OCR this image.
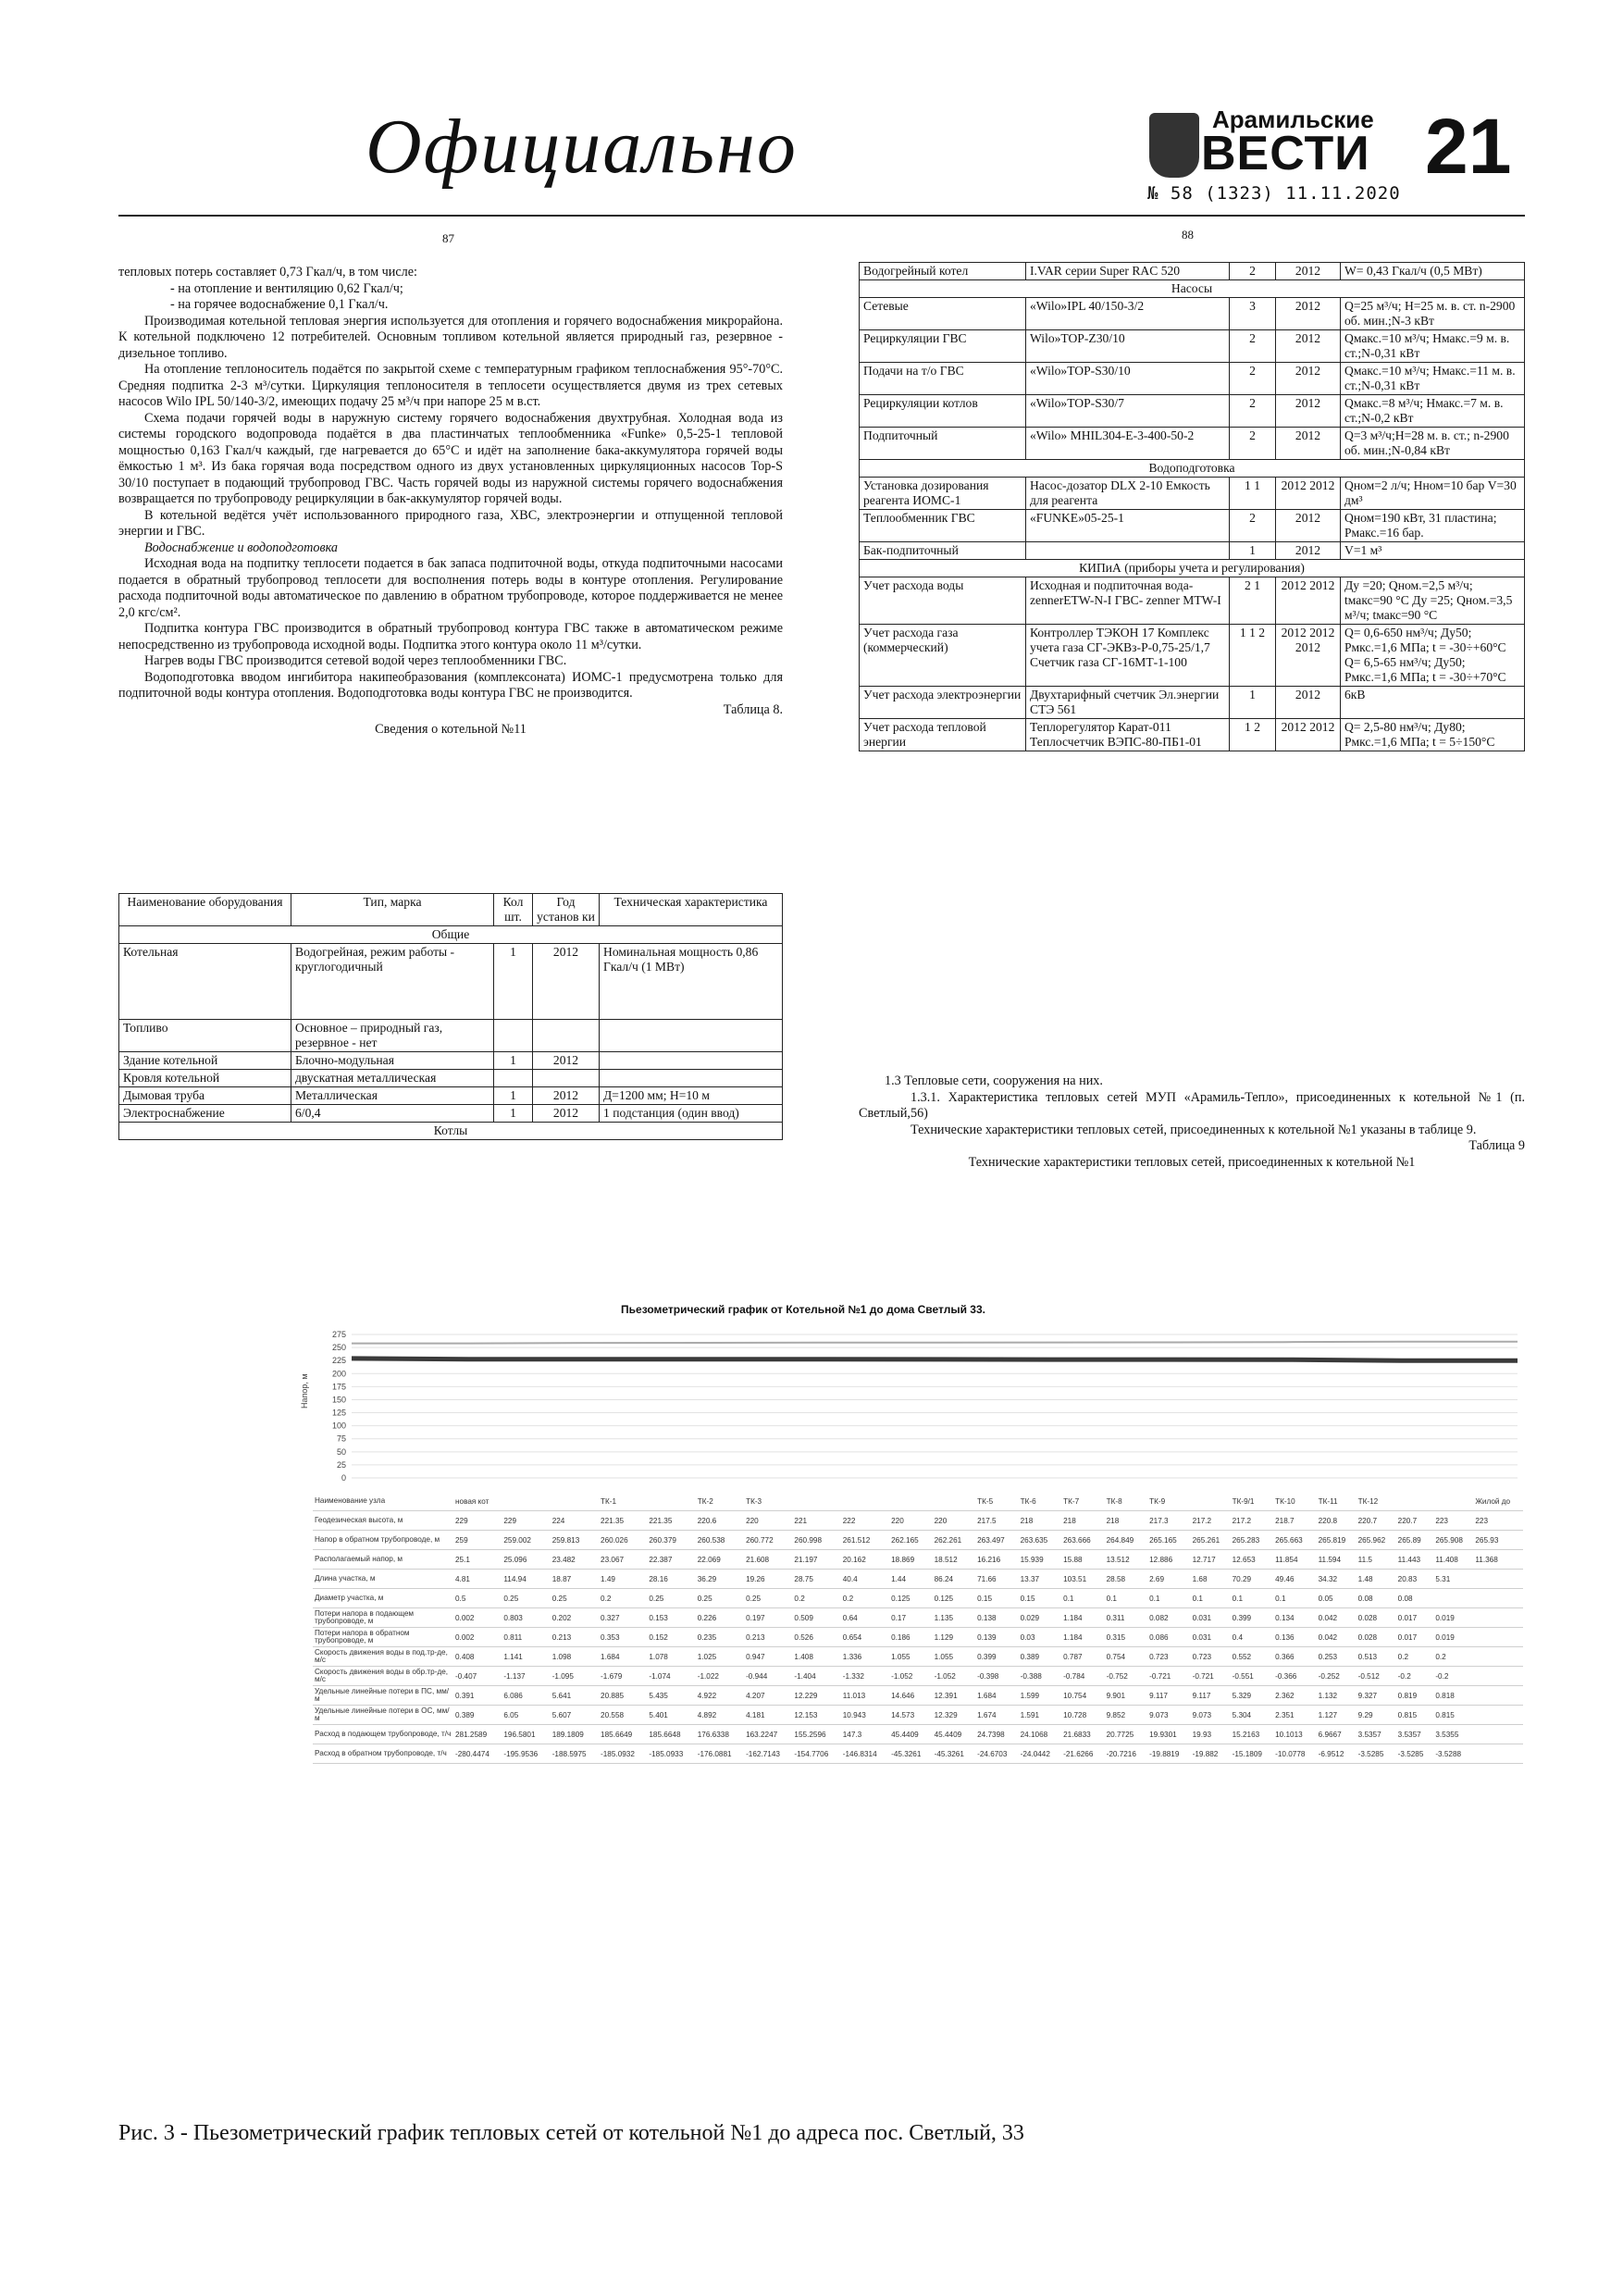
Официально	Арамильские
ВЕСТИ 21
№ 58 (1323) 11.11.2020
87

тепловых потерь составляет 0,73 Гкал/ч, в том числе:

- на отопление и вентиляцию 0,62 Гкал/ч;

- на горячее водоснабжение 0,1 Гкал/ч.

Производимая котельной тепловая энергия используется для отопления и горячего водоснабжения микрорайона. К котельной подключено 12 потребителей. Основным топливом котельной является природный газ, резервное - дизельное топливо.

На отопление теплоноситель подаётся по закрытой схеме с температурным графиком теплоснабжения 95°-70°С. Средняя подпитка 2-3 м³/сутки. Циркуляция теплоносителя в теплосети осуществляется двумя из трех сетевых насосов Wilo IPL 50/140-3/2, имеющих подачу 25 м³/ч при напоре 25 м в.ст.

Схема подачи горячей воды в наружную систему горячего водоснабжения двухтрубная. Холодная вода из системы городского водопровода подаётся в два пластинчатых теплообменника «Funke» 0,5-25-1 тепловой мощностью 0,163 Гкал/ч каждый, где нагревается до 65°С и идёт на заполнение бака-аккумулятора горячей воды ёмкостью 1 м³. Из бака горячая вода посредством одного из двух установленных циркуляционных насосов Top-S 30/10 поступает в подающий трубопровод ГВС. Часть горячей воды из наружной системы горячего водоснабжения возвращается по трубопроводу рециркуляции в бак-аккумулятор горячей воды.

В котельной ведётся учёт использованного природного газа, ХВС, электроэнергии и отпущенной тепловой энергии и ГВС.

Водоснабжение и водоподготовка

Исходная вода на подпитку теплосети подается в бак запаса подпиточной воды, откуда подпиточными насосами подается в обратный трубопровод теплосети для восполнения потерь воды в контуре отопления. Регулирование расхода подпиточной воды автоматическое по давлению в обратном трубопроводе, которое поддерживается не менее 2,0 кгс/см².

Подпитка контура ГВС производится в обратный трубопровод контура ГВС также в автоматическом режиме непосредственно из трубопровода исходной воды. Подпитка этого контура около 11 м³/сутки.

Нагрев воды ГВС производится сетевой водой через теплообменники ГВС.

Водоподготовка вводом ингибитора накипеобразования (комплексоната) ИОМС-1 предусмотрена только для подпиточной воды контура отопления. Водоподготовка воды контура ГВС не производится.

Таблица 8.

Сведения о котельной №11

Наименование оборудования	Тип, марка	Кол шт.	Год установ ки	Техническая характеристика
Общие				
Котельная	Водогрейная, режим работы - круглогодичный	1	2012	Номинальная мощность 0,86 Гкал/ч (1 МВт)
Топливо	Основное – природный газ, резервное - нет			
Здание котельной	Блочно-модульная	1	2012	
Кровля котельной	двускатная металлическая			
Дымовая труба	Металлическая	1	2012	Д=1200 мм; Н=10 м
Электроснабжение	6/0,4	1	2012	1 подстанция (один ввод)
Котлы				
88
Водогрейный котел	I.VAR серии Super RAC 520	2	2012	W= 0,43 Гкал/ч (0,5 МВт)
Насосы				
Сетевые	«Wilo»IPL 40/150-3/2	3	2012	Q=25 м³/ч; Н=25 м. в. ст. n-2900 об. мин.;N-3 кВт
Рециркуляции ГВС	Wilo»TOP-Z30/10	2	2012	Qмакс.=10 м³/ч; Нмакс.=9 м. в. ст.;N-0,31 кВт
Подачи на т/о ГВС	«Wilo»TOP-S30/10	2	2012	Qмакс.=10 м³/ч; Нмакс.=11 м. в. ст.;N-0,31 кВт
Рециркуляции котлов	«Wilo»TOP-S30/7	2	2012	Qмакс.=8 м³/ч; Нмакс.=7 м. в. ст.;N-0,2 кВт
Подпиточный	«Wilo» MHIL304-E-3-400-50-2	2	2012	Q=3 м³/ч;Н=28 м. в. ст.; n-2900 об. мин.;N-0,84 кВт
Водоподготовка				
Установка дозирования реагента ИОМС-1	Насос-дозатор DLX 2-10 Емкость для реагента	1 1	2012 2012	Qном=2 л/ч; Нном=10 бар V=30 дм³
Теплообменник ГВС	«FUNKE»05-25-1	2	2012	Qном=190 кВт, 31 пластина; Рмакс.=16 бар.
Бак-подпиточный		1	2012	V=1 м³
КИПиА (приборы учета и регулирования)				
Учет расхода воды	Исходная и подпиточная вода-zennerETW-N-I ГВС- zenner MTW-I	2 1	2012 2012	Ду =20; Qном.=2,5 м³/ч; tмакс=90 °С Ду =25; Qном.=3,5 м³/ч; tмакс=90 °С
Учет расхода газа (коммерческий)	Контроллер ТЭКОН 17 Комплекс учета газа СГ-ЭКВз-Р-0,75-25/1,7 Счетчик газа СГ-16МТ-1-100	1 1 2	2012 2012 2012	Q= 0,6-650 нм³/ч; Ду50; Рмкс.=1,6 МПа; t = -30÷+60°С Q= 6,5-65 нм³/ч; Ду50; Рмкс.=1,6 МПа; t = -30÷+70°С
Учет расхода электроэнергии	Двухтарифный счетчик Эл.энергии СТЭ 561	1	2012	6кВ
Учет расхода тепловой энергии	Теплорегулятор Карат-011 Теплосчетчик ВЭПС-80-ПБ1-01	1 2	2012 2012	Q= 2,5-80 нм³/ч; Ду80; Рмкс.=1,6 МПа; t = 5÷150°С

1.3 Тепловые сети, сооружения на них.

1.3.1. Характеристика тепловых сетей МУП «Арамиль-Тепло», присоединенных к котельной №1 (п. Светлый,56)

Технические характеристики тепловых сетей, присоединенных к котельной №1 указаны в таблице 9.

Таблица 9

Технические характеристики тепловых сетей, присоединенных к котельной №1

Пьезометрический график от Котельной №1 до дома Светлый 33.
Напор, м
275
250
225
200
175
150
125
100
75
50
25
0
Наименование узла	новая кот			ТК-1		ТК-2	ТК-3					ТК-5	ТК-6	ТК-7	ТК-8	ТК-9		ТК-9/1	ТК-10	ТК-11	ТК-12			Жилой до
Геодезическая высота, м	229	229	224	221.35	221.35	220.6	220	221	222	220	220	217.5	218	218	218	217.3	217.2	217.2	218.7	220.8	220.7	220.7	223	223
Напор в обратном трубопроводе, м	259	259.002	259.813	260.026	260.379	260.538	260.772	260.998	261.512	262.165	262.261	263.497	263.635	263.666	264.849	265.165	265.261	265.283	265.663	265.819	265.962	265.89	265.908	265.93
Располагаемый напор, м	25.1	25.096	23.482	23.067	22.387	22.069	21.608	21.197	20.162	18.869	18.512	16.216	15.939	15.88	13.512	12.886	12.717	12.653	11.854	11.594	11.5	11.443	11.408	11.368
Длина участка, м	4.81	114.94	18.87	1.49	28.16	36.29	19.26	28.75	40.4	1.44	86.24	71.66	13.37	103.51	28.58	2.69	1.68	70.29	49.46	34.32	1.48	20.83	5.31	
Диаметр участка, м	0.5	0.25	0.25	0.2	0.25	0.25	0.25	0.2	0.2	0.125	0.125	0.15	0.15	0.1	0.1	0.1	0.1	0.1	0.1	0.05	0.08	0.08		
Потери напора в подающем трубопроводе, м	0.002	0.803	0.202	0.327	0.153	0.226	0.197	0.509	0.64	0.17	1.135	0.138	0.029	1.184	0.311	0.082	0.031	0.399	0.134	0.042	0.028	0.017	0.019	
Потери напора в обратном трубопроводе, м	0.002	0.811	0.213	0.353	0.152	0.235	0.213	0.526	0.654	0.186	1.129	0.139	0.03	1.184	0.315	0.086	0.031	0.4	0.136	0.042	0.028	0.017	0.019	
Скорость движения воды в под.тр-де, м/с	0.408	1.141	1.098	1.684	1.078	1.025	0.947	1.408	1.336	1.055	1.055	0.399	0.389	0.787	0.754	0.723	0.723	0.552	0.366	0.253	0.513	0.2	0.2	
Скорость движения воды в обр.тр-де, м/с	-0.407	-1.137	-1.095	-1.679	-1.074	-1.022	-0.944	-1.404	-1.332	-1.052	-1.052	-0.398	-0.388	-0.784	-0.752	-0.721	-0.721	-0.551	-0.366	-0.252	-0.512	-0.2	-0.2	
Удельные линейные потери в ПС, мм/м	0.391	6.086	5.641	20.885	5.435	4.922	4.207	12.229	11.013	14.646	12.391	1.684	1.599	10.754	9.901	9.117	9.117	5.329	2.362	1.132	9.327	0.819	0.818	
Удельные линейные потери в ОС, мм/м	0.389	6.05	5.607	20.558	5.401	4.892	4.181	12.153	10.943	14.573	12.329	1.674	1.591	10.728	9.852	9.073	9.073	5.304	2.351	1.127	9.29	0.815	0.815	
Расход в подающем трубопроводе, т/ч	281.2589	196.5801	189.1809	185.6649	185.6648	176.6338	163.2247	155.2596	147.3	45.4409	45.4409	24.7398	24.1068	21.6833	20.7725	19.9301	19.93	15.2163	10.1013	6.9667	3.5357	3.5357	3.5355	
Расход в обратном трубопроводе, т/ч	-280.4474	-195.9536	-188.5975	-185.0932	-185.0933	-176.0881	-162.7143	-154.7706	-146.8314	-45.3261	-45.3261	-24.6703	-24.0442	-21.6266	-20.7216	-19.8819	-19.882	-15.1809	-10.0778	-6.9512	-3.5285	-3.5285	-3.5288	
Рис. 3 - Пьезометрический график тепловых сетей от котельной №1 до адреса пос. Светлый, 33
